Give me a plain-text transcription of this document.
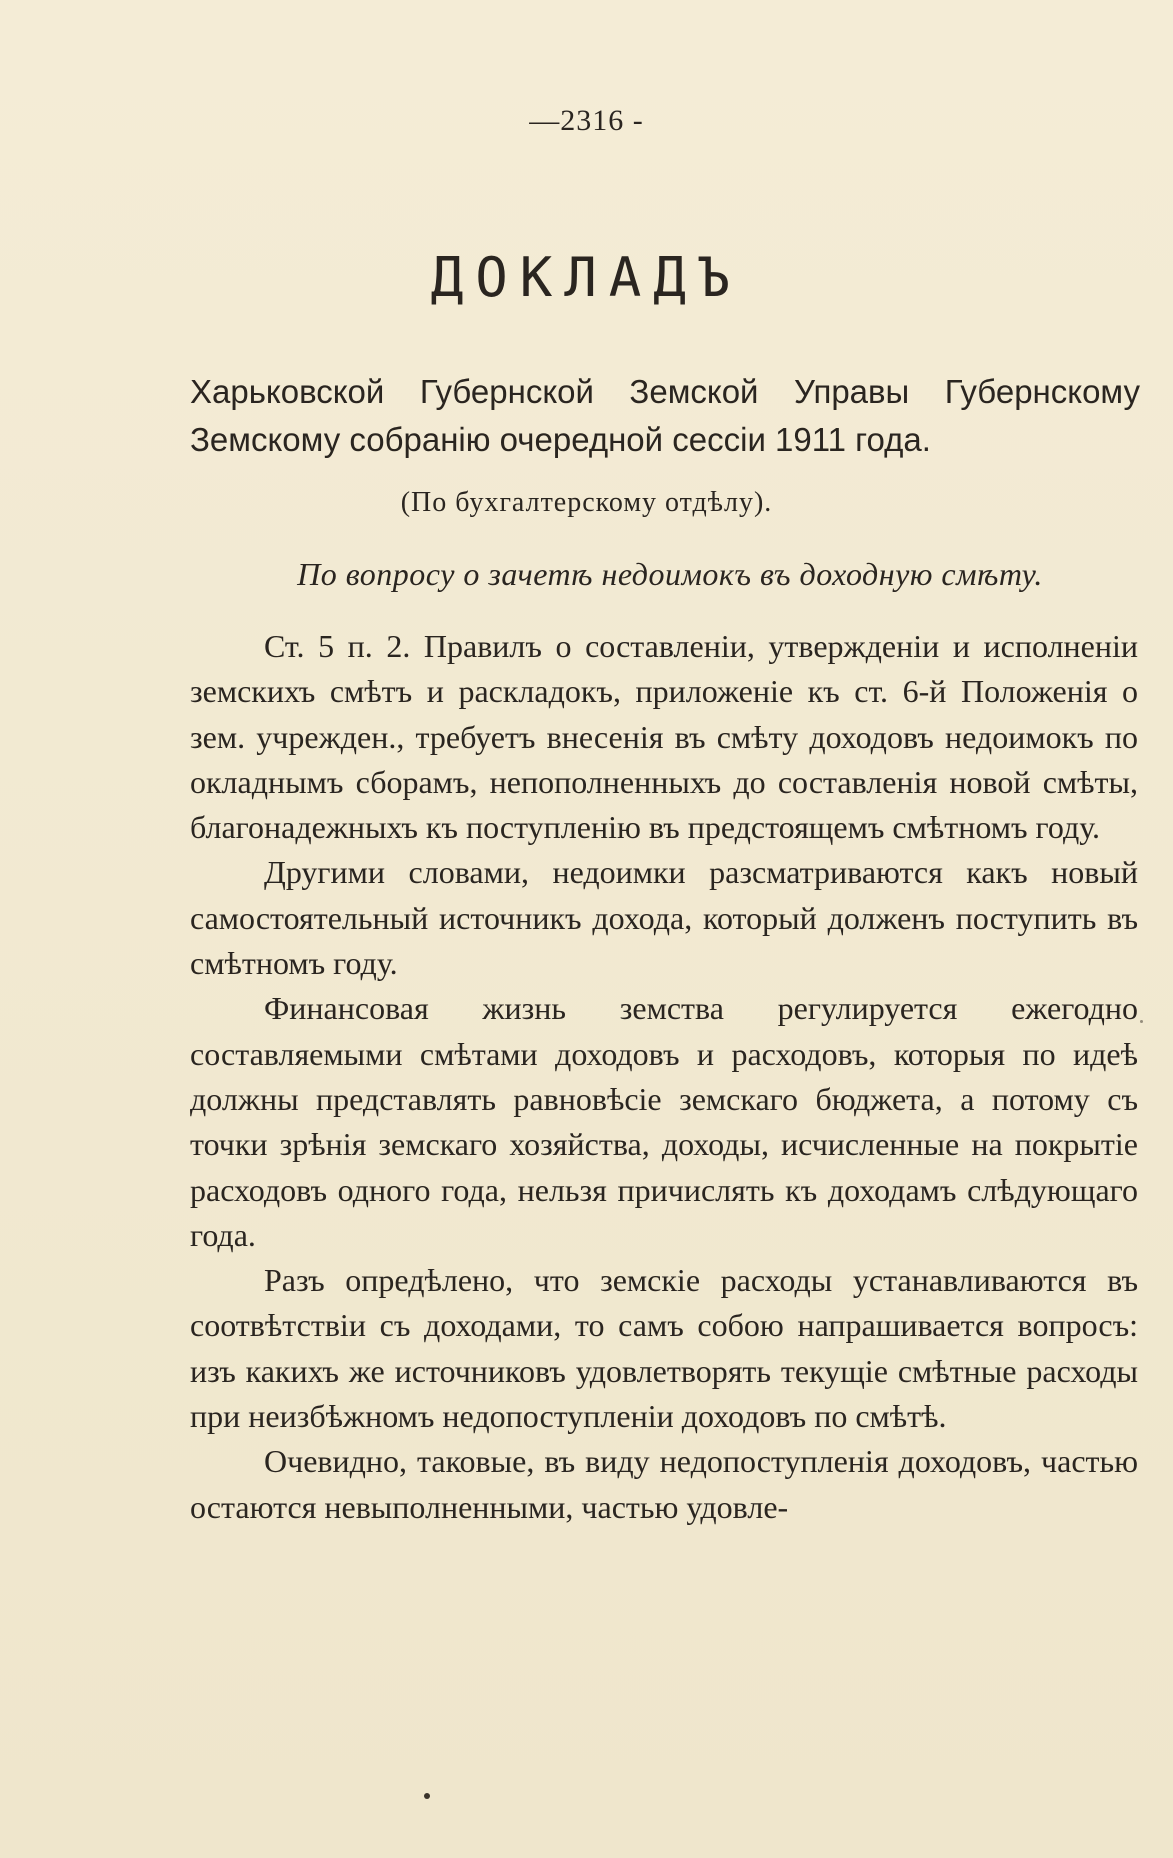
—2316 -
ДОКЛАДЪ
Харьковской Губернской Земской Управы Губернскому Земскому собранію очередной сессіи 1911 года.
(По бухгалтерскому отдѣлу).
По вопросу о зачетѣ недоимокъ въ доходную смѣту.

Ст. 5 п. 2. Правилъ о составленіи, утвержденіи и исполненіи земскихъ смѣтъ и раскладокъ, приложеніе къ ст. 6-й Положенія о зем. учрежден., требуетъ внесенія въ смѣту доходовъ недоимокъ по окладнымъ сборамъ, непополненныхъ до составленія новой смѣты, благонадежныхъ къ поступленію въ предстоящемъ смѣтномъ году.

Другими словами, недоимки разсматриваются какъ новый самостоятельный источникъ дохода, который долженъ поступить въ смѣтномъ году.

Финансовая жизнь земства регулируется ежегодно составляемыми смѣтами доходовъ и расходовъ, которыя по идеѣ должны представлять равновѣсіе земскаго бюджета, а потому съ точки зрѣнія земскаго хозяйства, доходы, исчисленные на покрытіе расходовъ одного года, нельзя причислять къ доходамъ слѣдующаго года.

Разъ опредѣлено, что земскіе расходы устанавливаются въ соотвѣтствіи съ доходами, то самъ собою напрашивается вопросъ: изъ какихъ же источниковъ удовлетворять текущіе смѣтные расходы при неизбѣжномъ недопоступленіи доходовъ по смѣтѣ.

Очевидно, таковые, въ виду недопоступленія доходовъ, частью остаются невыполненными, частью удовле-
